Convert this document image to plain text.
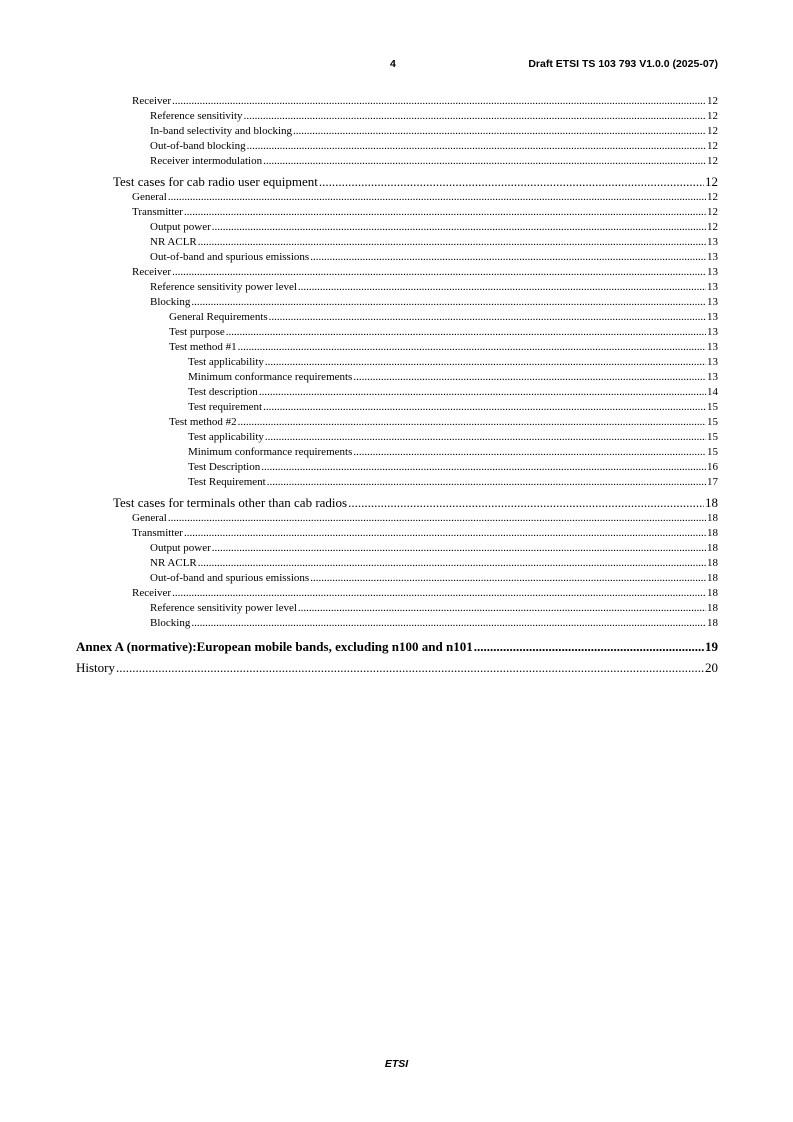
4	Draft ETSI TS 103 793 V1.0.0 (2025-07)
Receiver .....	12
Reference sensitivity .....	12
In-band selectivity and blocking .....	12
Out-of-band blocking .....	12
Receiver intermodulation .....	12
Test cases for cab radio user equipment .....	12
General .....	12
Transmitter .....	12
Output power .....	12
NR ACLR .....	13
Out-of-band and spurious emissions .....	13
Receiver .....	13
Reference sensitivity power level .....	13
Blocking .....	13
General Requirements .....	13
Test purpose .....	13
Test method #1 .....	13
Test applicability .....	13
Minimum conformance requirements .....	13
Test description .....	14
Test requirement .....	15
Test method #2 .....	15
Test applicability .....	15
Minimum conformance requirements .....	15
Test Description .....	16
Test Requirement .....	17
Test cases for terminals other than cab radios .....	18
General .....	18
Transmitter .....	18
Output power .....	18
NR ACLR .....	18
Out-of-band and spurious emissions .....	18
Receiver .....	18
Reference sensitivity power level .....	18
Blocking .....	18
Annex A (normative): European mobile bands, excluding n100 and n101 .....	19
History .....	20
ETSI
